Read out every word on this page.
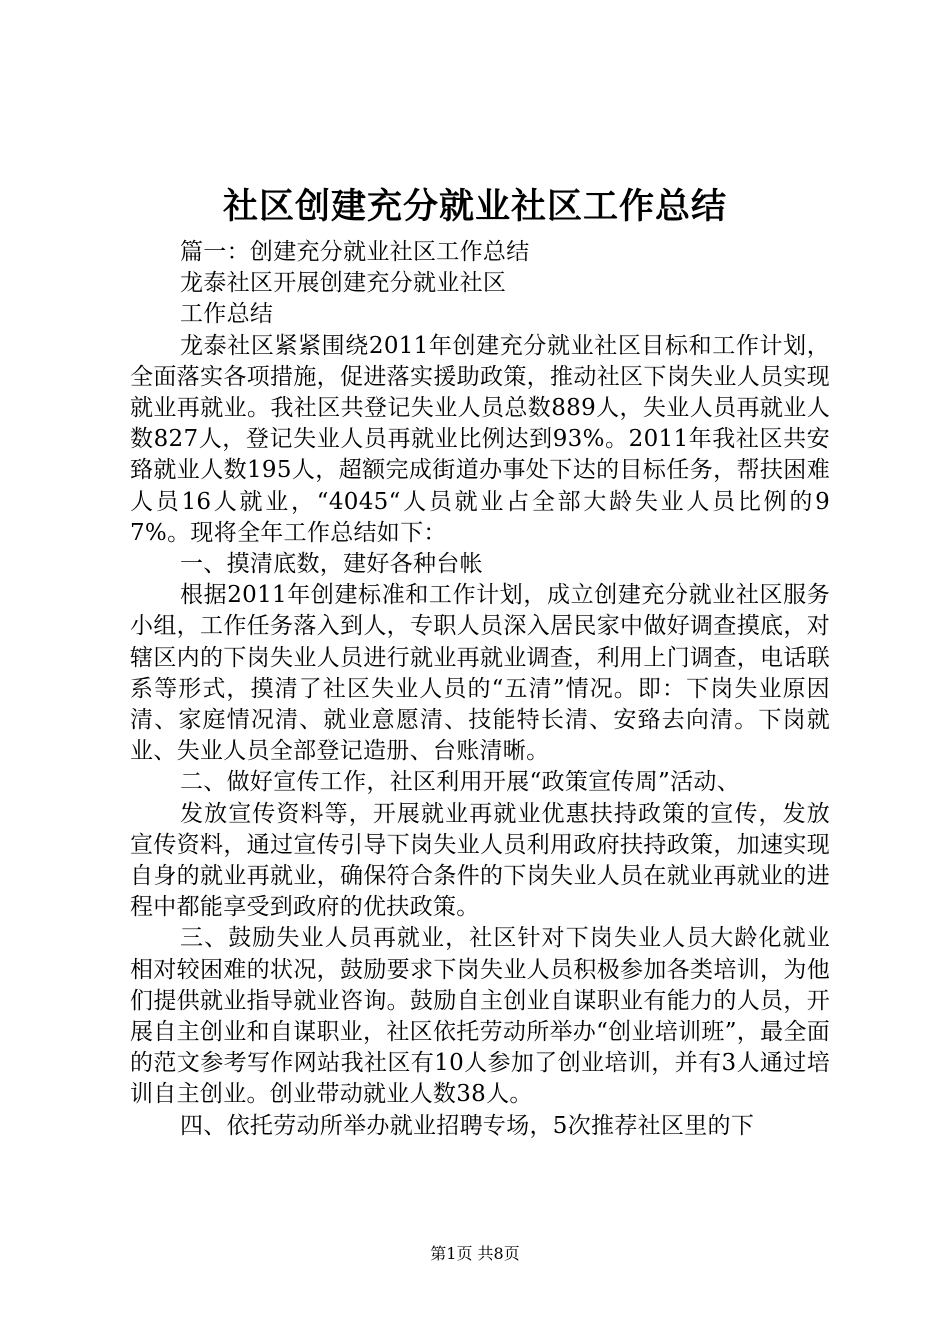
社区创建充分就业社区工作总结

篇一：创建充分就业社区工作总结

龙泰社区开展创建充分就业社区

工作总结

龙泰社区紧紧围绕2011年创建充分就业社区目标和工作计划，全面落实各项措施，促进落实援助政策，推动社区下岗失业人员实现就业再就业。我社区共登记失业人员总数889人，失业人员再就业人数827人，登记失业人员再就业比例达到93%。2011年我社区共安臵就业人数195人，超额完成街道办事处下达的目标任务，帮扶困难人员16人就业，“4045“人员就业占全部大龄失业人员比例的97%。现将全年工作总结如下：

一、摸清底数，建好各种台帐

根据2011年创建标准和工作计划，成立创建充分就业社区服务小组，工作任务落入到人，专职人员深入居民家中做好调查摸底，对辖区内的下岗失业人员进行就业再就业调查，利用上门调查，电话联系等形式，摸清了社区失业人员的“五清”情况。即：下岗失业原因清、家庭情况清、就业意愿清、技能特长清、安臵去向清。下岗就业、失业人员全部登记造册、台账清晰。

二、做好宣传工作，社区利用开展“政策宣传周”活动、

发放宣传资料等，开展就业再就业优惠扶持政策的宣传，发放宣传资料，通过宣传引导下岗失业人员利用政府扶持政策，加速实现自身的就业再就业，确保符合条件的下岗失业人员在就业再就业的进程中都能享受到政府的优扶政策。

三、鼓励失业人员再就业，社区针对下岗失业人员大龄化就业相对较困难的状况，鼓励要求下岗失业人员积极参加各类培训，为他们提供就业指导就业咨询。鼓励自主创业自谋职业有能力的人员，开展自主创业和自谋职业，社区依托劳动所举办“创业培训班”，最全面的范文参考写作网站我社区有10人参加了创业培训，并有3人通过培训自主创业。创业带动就业人数38人。

四、依托劳动所举办就业招聘专场，5次推荐社区里的下

第1页 共8页
